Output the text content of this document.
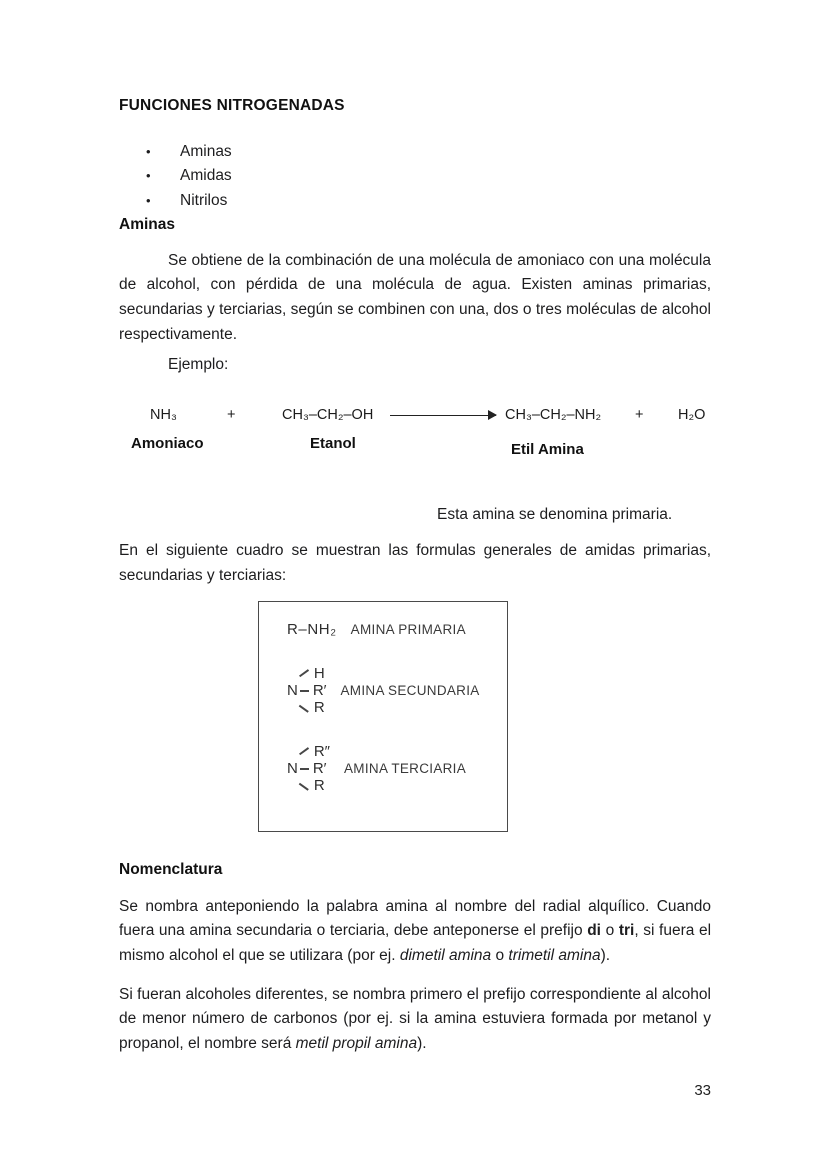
FUNCIONES NITROGENADAS
•	Aminas
•	Amidas
•	Nitrilos
Aminas

Se obtiene de la combinación de una molécula de amoniaco con una molécula de alcohol, con pérdida de una molécula de agua. Existen aminas primarias, secundarias y terciarias, según se combinen con una, dos o tres moléculas de alcohol respectivamente.

Ejemplo:
NH₃	+	CH₃–CH₂–OH	CH₃–CH₂–NH₂ + H₂O
Amoniaco	Etanol	Etil Amina
Esta amina se denomina primaria.

En el siguiente cuadro se muestran las formulas generales de amidas primarias, secundarias y terciarias:

R–NH₂ AMINA PRIMARIA
N
H
R′
R
AMINA SECUNDARIA
N
R″
R′
R
AMINA TERCIARIA
Nomenclatura

Se nombra anteponiendo la palabra amina al nombre del radial alquílico. Cuando fuera una amina secundaria o terciaria, debe anteponerse el prefijo di o tri, si fuera el mismo alcohol el que se utilizara (por ej. dimetil amina o trimetil amina).

Si fueran alcoholes diferentes, se nombra primero el prefijo correspondiente al alcohol de menor número de carbonos (por ej. si la amina estuviera formada por metanol y propanol, el nombre será metil propil amina).

33
